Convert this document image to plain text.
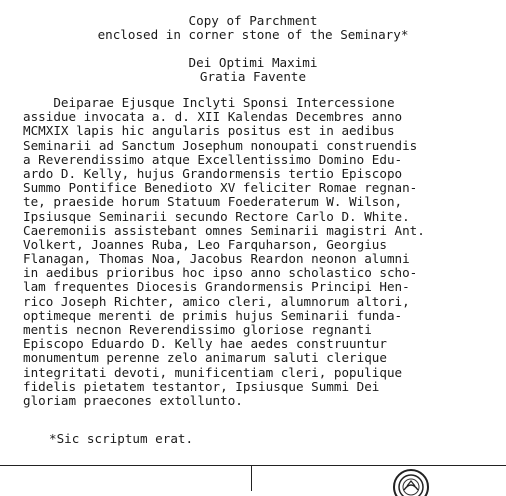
Copy of Parchment
enclosed in corner stone of the Seminary*
Dei Optimi Maximi
Gratia Favente
Deiparae Ejusque Inclyti Sponsi Intercessione
assidue invocata a. d. XII Kalendas Decembres anno
MCMXIX lapis hic angularis positus est in aedibus
Seminarii ad Sanctum Josephum nonoupati construendis
a Reverendissimo atque Excellentissimo Domino Edu-
ardo D. Kelly, hujus Grandormensis tertio Episcopo
Summo Pontifice Benedioto XV feliciter Romae regnan-
te, praeside horum Statuum Foederaterum W. Wilson,
Ipsiusque Seminarii secundo Rectore Carlo D. White.
Caeremoniis assistebant omnes Seminarii magistri Ant.
Volkert, Joannes Ruba, Leo Farquharson, Georgius
Flanagan, Thomas Noa, Jacobus Reardon neonon alumni
in aedibus prioribus hoc ipso anno scholastico scho-
lam frequentes Diocesis Grandormensis Principi Hen-
rico Joseph Richter, amico cleri, alumnorum altori,
optimeque merenti de primis hujus Seminarii funda-
mentis necnon Reverendissimo gloriose regnanti
Episcopo Eduardo D. Kelly hae aedes construuntur
monumentum perenne zelo animarum saluti clerique
integritati devoti, munificentiam cleri, populique
fidelis pietatem testantor, Ipsiusque Summi Dei
gloriam praecones extollunto.
*Sic scriptum erat.
